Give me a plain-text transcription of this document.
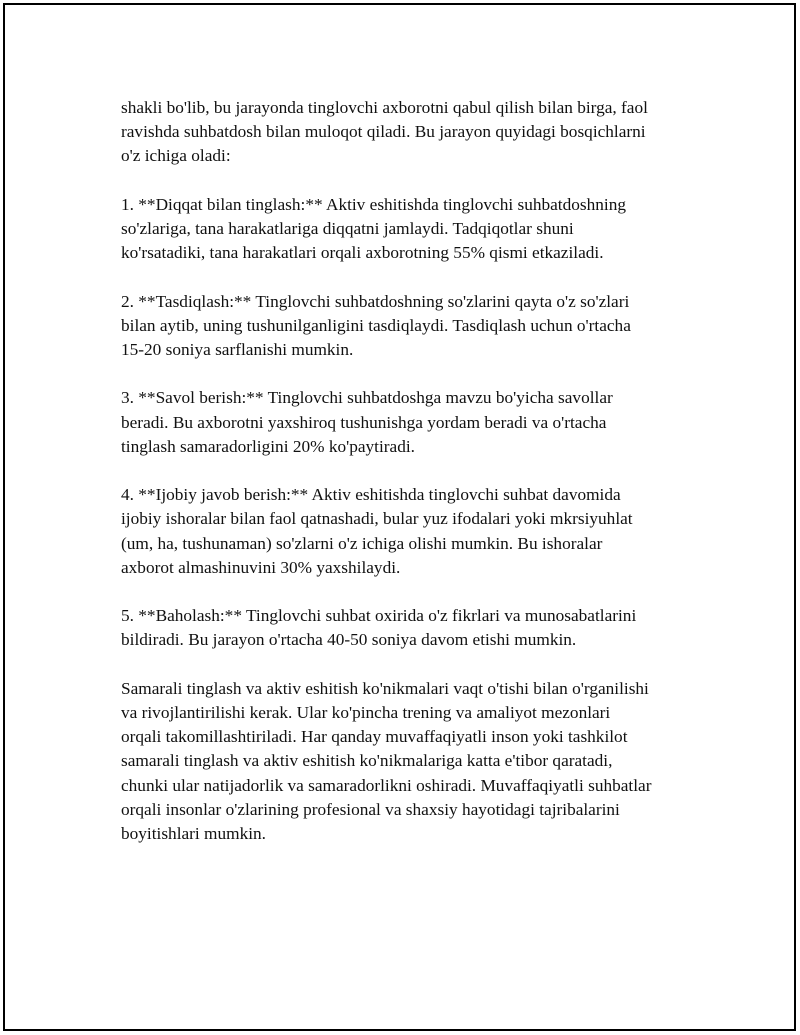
shakli bo'lib, bu jarayonda tinglovchi axborotni qabul qilish bilan birga, faol
ravishda suhbatdosh bilan muloqot qiladi. Bu jarayon quyidagi bosqichlarni
o'z ichiga oladi:

1. **Diqqat bilan tinglash:** Aktiv eshitishda tinglovchi suhbatdoshning
so'zlariga, tana harakatlariga diqqatni jamlaydi. Tadqiqotlar shuni
ko'rsatadiki, tana harakatlari orqali axborotning 55% qismi etkaziladi.

2. **Tasdiqlash:** Tinglovchi suhbatdoshning so'zlarini qayta o'z so'zlari
bilan aytib, uning tushunilganligini tasdiqlaydi. Tasdiqlash uchun o'rtacha
15-20 soniya sarflanishi mumkin.

3. **Savol berish:** Tinglovchi suhbatdoshga mavzu bo'yicha savollar
beradi. Bu axborotni yaxshiroq tushunishga yordam beradi va o'rtacha
tinglash samaradorligini 20% ko'paytiradi.

4. **Ijobiy javob berish:** Aktiv eshitishda tinglovchi suhbat davomida
ijobiy ishoralar bilan faol qatnashadi, bular yuz ifodalari yoki mkrsiyuhlat
(um, ha, tushunaman) so'zlarni o'z ichiga olishi mumkin. Bu ishoralar
axborot almashinuvini 30% yaxshilaydi.

5. **Baholash:** Tinglovchi suhbat oxirida o'z fikrlari va munosabatlarini
bildiradi. Bu jarayon o'rtacha 40-50 soniya davom etishi mumkin.

Samarali tinglash va aktiv eshitish ko'nikmalari vaqt o'tishi bilan o'rganilishi
va rivojlantirilishi kerak. Ular ko'pincha trening va amaliyot mezonlari
orqali takomillashtiriladi. Har qanday muvaffaqiyatli inson yoki tashkilot
samarali tinglash va aktiv eshitish ko'nikmalariga katta e'tibor qaratadi,
chunki ular natijadorlik va samaradorlikni oshiradi. Muvaffaqiyatli suhbatlar
orqali insonlar o'zlarining profesional va shaxsiy hayotidagi tajribalarini
boyitishlari mumkin.
